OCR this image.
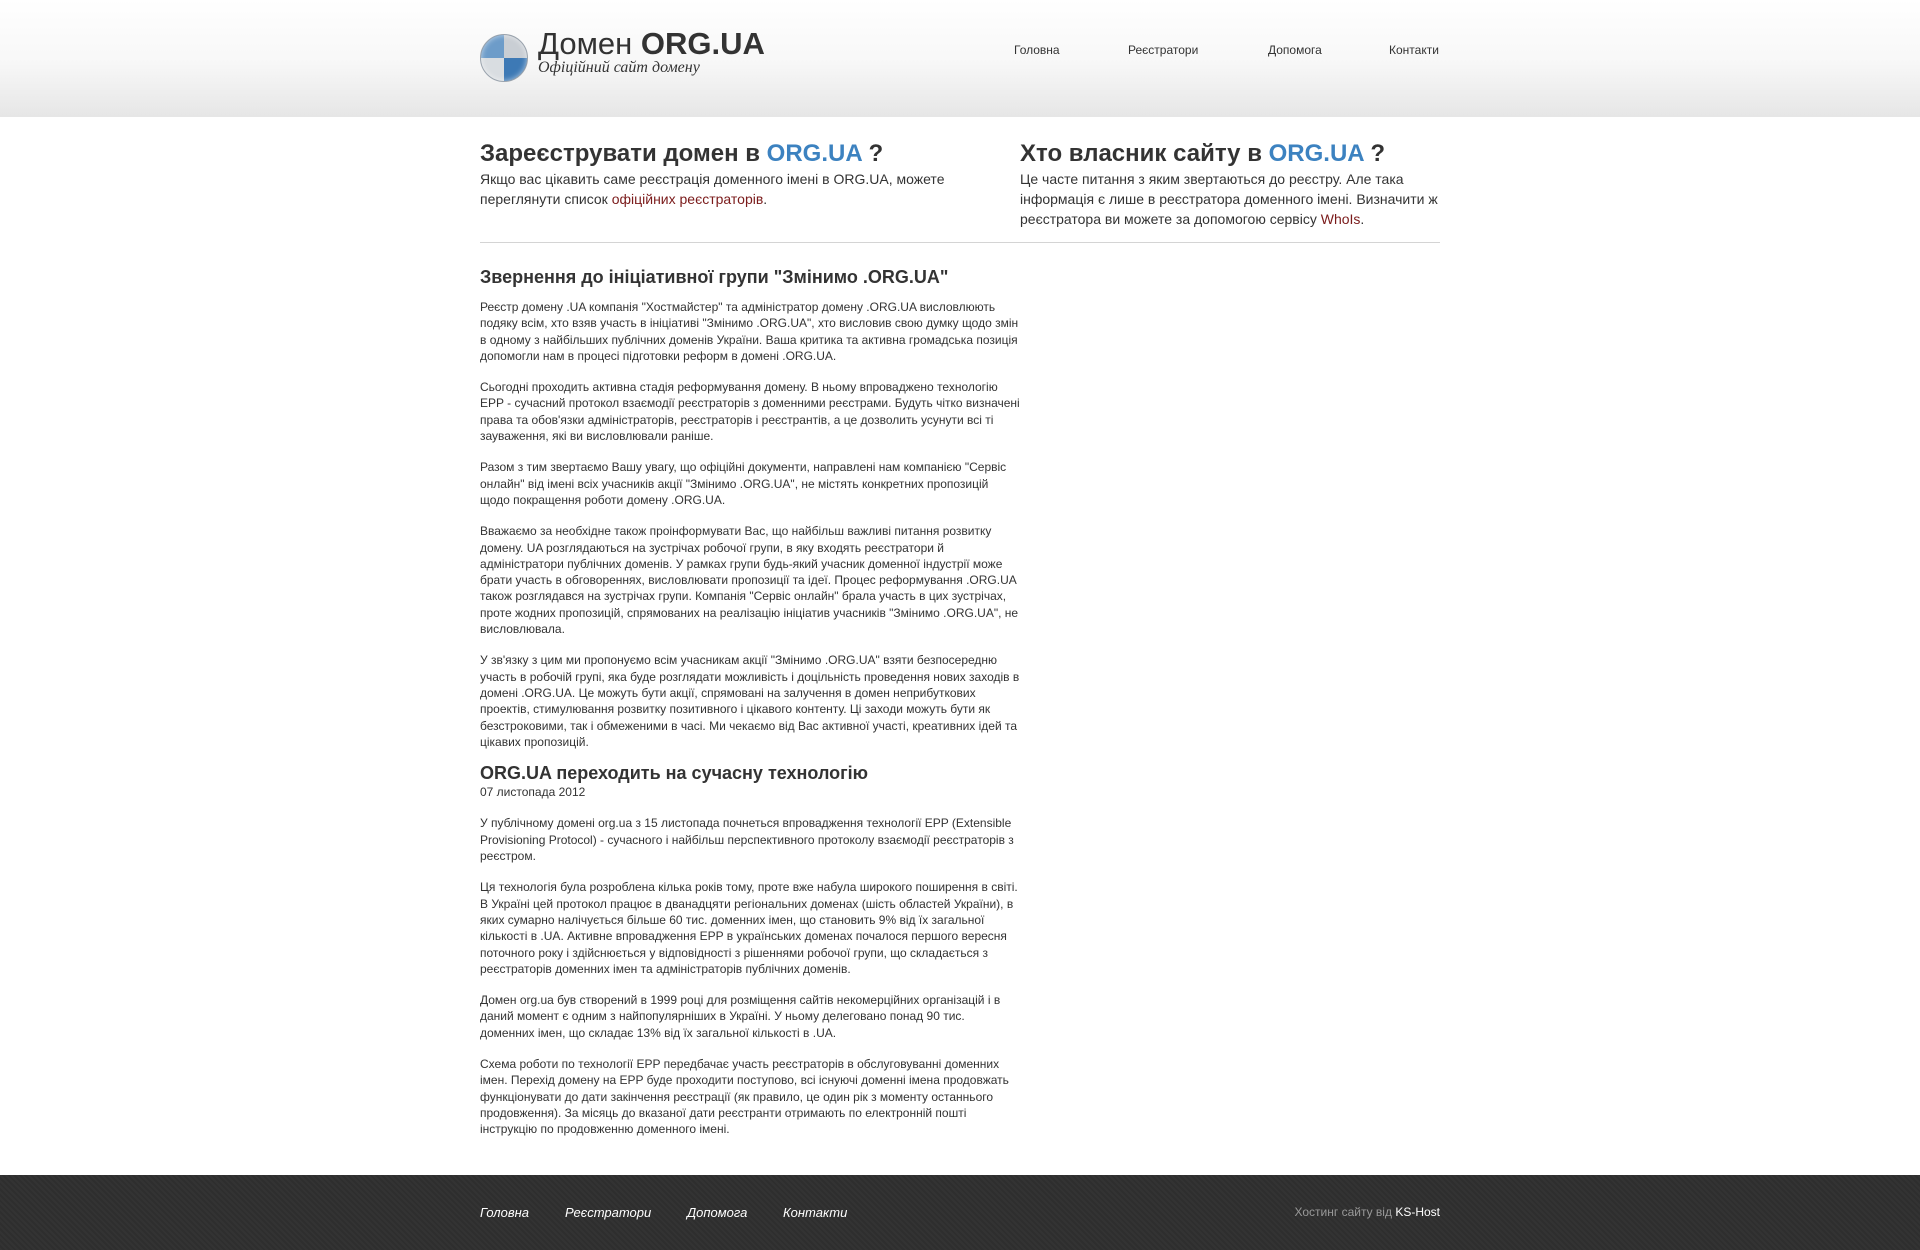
Домен ORG.UA
Офіційний сайт домену
Головна	Реєстратори	Допомога	Контакти
Зареєструвати домен в ORG.UA ?

Якщо вас цікавить саме реєстрація доменного імені в ORG.UA, можете переглянути список офіційних реєстраторів.

Хто власник сайту в ORG.UA ?

Це часте питання з яким звертаються до реєстру. Але така інформація є лише в реєстратора доменного імені. Визначити ж реєстратора ви можете за допомогою сервісу WhoIs.

Звернення до ініціативної групи "Змінимо .ORG.UA"

Реєстр домену .UA компанія "Хостмайстер" та адміністратор домену .ORG.UA висловлюють подяку всім, хто взяв участь в ініціативі "Змінимо .ORG.UA", хто висловив свою думку щодо змін в одному з найбільших публічних доменів України. Ваша критика та активна громадська позиція допомогли нам в процесі підготовки реформ в домені .ORG.UA.

Сьогодні проходить активна стадія реформування домену. В ньому впроваджено технологію EPP - сучасний протокол взаємодії реєстраторів з доменними реєстрами. Будуть чітко визначені права та обов'язки адміністраторів, реєстраторів і реєстрантів, а це дозволить усунути всі ті зауваження, які ви висловлювали раніше.

Разом з тим звертаємо Вашу увагу, що офіційні документи, направлені нам компанією "Сервіс онлайн" від імені всіх учасників акції "Змінимо .ORG.UA", не містять конкретних пропозицій щодо покращення роботи домену .ORG.UA.

Вважаємо за необхідне також проінформувати Вас, що найбільш важливі питання розвитку домену. UA розглядаються на зустрічах робочої групи, в яку входять реєстратори й адміністратори публічних доменів. У рамках групи будь-який учасник доменної індустрії може брати участь в обговореннях, висловлювати пропозиції та ідеї. Процес реформування .ORG.UA також розглядався на зустрічах групи. Компанія "Сервіс онлайн" брала участь в цих зустрічах, проте жодних пропозицій, спрямованих на реалізацію ініціатив учасників "Змінимо .ORG.UA", не висловлювала.

У зв'язку з цим ми пропонуємо всім учасникам акції "Змінимо .ORG.UA" взяти безпосередню участь в робочій групі, яка буде розглядати можливість і доцільність проведення нових заходів в домені .ORG.UA. Це можуть бути акції, спрямовані на залучення в домен неприбуткових проектів, стимулювання розвитку позитивного і цікавого контенту. Ці заходи можуть бути як безстроковими, так і обмеженими в часі. Ми чекаємо від Вас активної участі, креативних ідей та цікавих пропозицій.

ORG.UA переходить на сучасну технологію

07 листопада 2012

У публічному домені org.ua з 15 листопада почнеться впровадження технології EPP (Extensible Provisioning Protocol) - сучасного і найбільш перспективного протоколу взаємодії реєстраторів з реєстром.

Ця технологія була розроблена кілька років тому, проте вже набула широкого поширення в світі. В Україні цей протокол працює в дванадцяти регіональних доменах (шість областей України), в яких сумарно налічується більше 60 тис. доменних імен, що становить 9% від їх загальної кількості в .UA. Активне впровадження EPP в українських доменах почалося першого вересня поточного року і здійснюється у відповідності з рішеннями робочої групи, що складається з реєстраторів доменних імен та адміністраторів публічних доменів.

Домен org.ua був створений в 1999 році для розміщення сайтів некомерційних організацій і в даний момент є одним з найпопулярніших в Україні. У ньому делеговано понад 90 тис. доменних імен, що складає 13% від їх загальної кількості в .UA.

Схема роботи по технології EPP передбачає участь реєстраторів в обслуговуванні доменних імен. Перехід домену на EPP буде проходити поступово, всі існуючі доменні імена продовжать функціонувати до дати закінчення реєстрації (як правило, це один рік з моменту останнього продовження). За місяць до вказаної дати реєстранти отримають по електронній пошті інструкцію по продовженню доменного імені.

Головна	Реєстратори	Допомога	Контакти	Хостинг сайту від KS-Host
